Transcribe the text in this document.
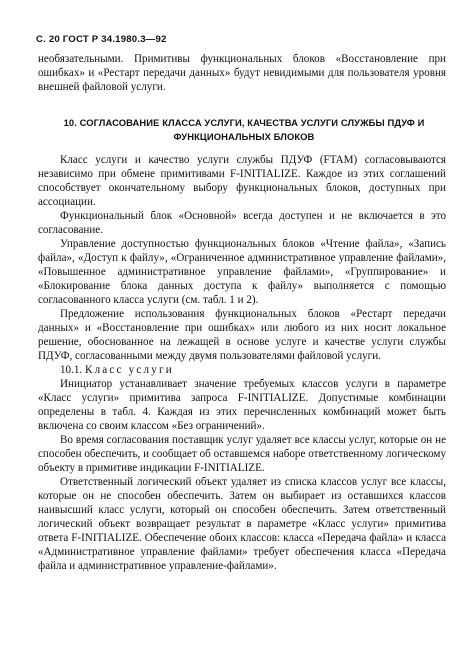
С. 20 ГОСТ Р 34.1980.3—92

необязательными. Примитивы функциональных блоков «Восстановление при ошибках» и «Рестарт передачи данных» будут невидимыми для пользователя уровня внешней файловой услуги.

10. СОГЛАСОВАНИЕ КЛАССА УСЛУГИ, КАЧЕСТВА УСЛУГИ СЛУЖБЫ ПДУФ И ФУНКЦИОНАЛЬНЫХ БЛОКОВ

Класс услуги и качество услуги службы ПДУФ (FTAM) согласовываются независимо при обмене примитивами F-INITIALIZE. Каждое из этих соглашений способствует окончательному выбору функциональных блоков, доступных при ассоциации.

Функциональный блок «Основной» всегда доступен и не включается в это согласование.

Управление доступностью функциональных блоков «Чтение файла», «Запись файла», «Доступ к файлу», «Ограниченное административное управление файлами», «Повышенное административное управление файлами», «Группирование» и «Блокирование блока данных доступа к файлу» выполняется с помощью согласованного класса услуги (см. табл. 1 и 2).

Предложение использования функциональных блоков «Рестарт передачи данных» и «Восстановление при ошибках» или любого из них носит локальное решение, обоснованное на лежащей в основе услуге и качестве услуги службы ПДУФ, согласованными между двумя пользователями файловой услуги.

10.1. Класс услуги

Инициатор устанавливает значение требуемых классов услуги в параметре «Класс услуги» примитива запроса F-INITIALIZE. Допустимые комбинации определены в табл. 4. Каждая из этих перечисленных комбинаций может быть включена со своим классом «Без ограничений».

Во время согласования поставщик услуг удаляет все классы услуг, которые он не способен обеспечить, и сообщает об оставшемся наборе ответственному логическому объекту в примитиве индикации F-INITIALIZE.

Ответственный логический объект удаляет из списка классов услуг все классы, которые он не способен обеспечить. Затем он выбирает из оставшихся классов наивысший класс услуги, который он способен обеспечить. Затем ответственный логический объект возвращает результат в параметре «Класс услуги» примитива ответа F-INITIALIZE. Обеспечение обоих классов: класса «Передача файла» и класса «Административное управление файлами» требует обеспечения класса «Передача файла и административное управление-файлами».
